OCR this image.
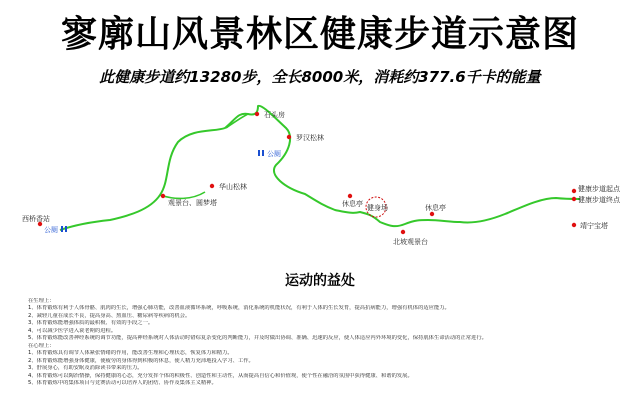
寥廓山风景林区健康步道示意图
此健康步道约13280步，全长8000米，消耗约377.6千卡的能量
石头房
罗汉松林
华山松林
观景台、圆梦塔
西桥香站
休息亭 健身场
北坡观景台
休息亭
健康步道起点
健康步道终点
靖宁宝塔
公厕
公厕
运动的益处
在生理上：
1、体育锻炼有利于人体骨骼、肌肉的生长，增强心肺功能，改善血液循环系统，呼吸系统，消化系统的机能状况，有利于人体的生长发育，提高抗病能力，增强有机体的适应能力。
2、减轻儿童在成长不良，提高身高、熬血压、糖尿病等疾病的机会。
3、体育锻炼能增强体质的最积极、有效的手段之一。
4、可以减少医学进入衰老期的进程。
5、体育锻炼能改善神经系统的调节功能，提高神经系统对人体活动时错综复杂变化的判断能力，并及时做出协调、准确、迅速的反应，使人体适应内外环境的变化，保持肌体生命活动的正常进行。
在心理上：
1、体育锻炼具有调节人体紧张情绪的作用，能改善生理和心理状态，恢复体力和精力。
2、体育锻炼能增强身体健康，使疲劳的身体得到积极的休息，使人精力充沛地投入学习、工作。
3、舒展身心，有助安眠及消除读书带来的压力。
4、体育锻炼可以陶冶情操，保持健康的心态，充分发挥个体的积极性、创造性和主动性，从而提高自信心和价值观，使个性在融洽的氛围中获得健康、和谐的发展。
5、体育锻炼中的集体项目与竞赛活动可以培养人的团结、协作及集体主义精神。
